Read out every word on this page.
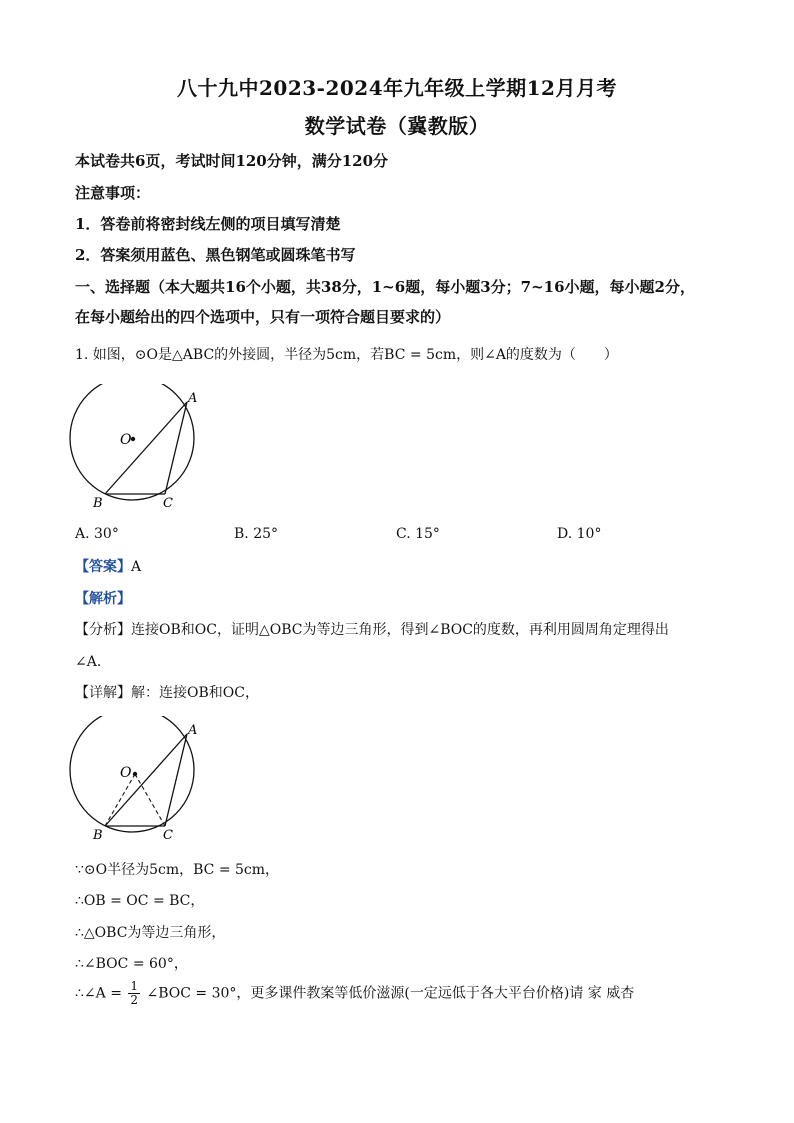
八十九中2023-2024年九年级上学期12月月考
数学试卷（冀教版）
本试卷共6页，考试时间120分钟，满分120分
注意事项：
1．答卷前将密封线左侧的项目填写清楚
2．答案须用蓝色、黑色钢笔或圆珠笔书写
一、选择题（本大题共16个小题，共38分，1~6题，每小题3分；7~16小题，每小题2分，
在每小题给出的四个选项中，只有一项符合题目要求的）
1. 如图，⊙O是△ABC的外接圆，半径为5cm，若BC = 5cm，则∠A的度数为（　　）
O
A
B	C
A. 30°	B. 25°	C. 15°	D. 10°
【答案】A
【解析】
【分析】连接OB和OC，证明△OBC为等边三角形，得到∠BOC的度数，再利用圆周角定理得出
∠A．
【详解】解：连接OB和OC，
O
A
B	C
∵⊙O半径为5cm，BC = 5cm，
∴OB = OC = BC，
∴△OBC为等边三角形，
∴∠BOC = 60°，
∴∠A = $\frac{1}{2}$ ∠BOC = 30°，更多课件教案等低价滋源(一定远低于各大平台价格)请 家 威杏
